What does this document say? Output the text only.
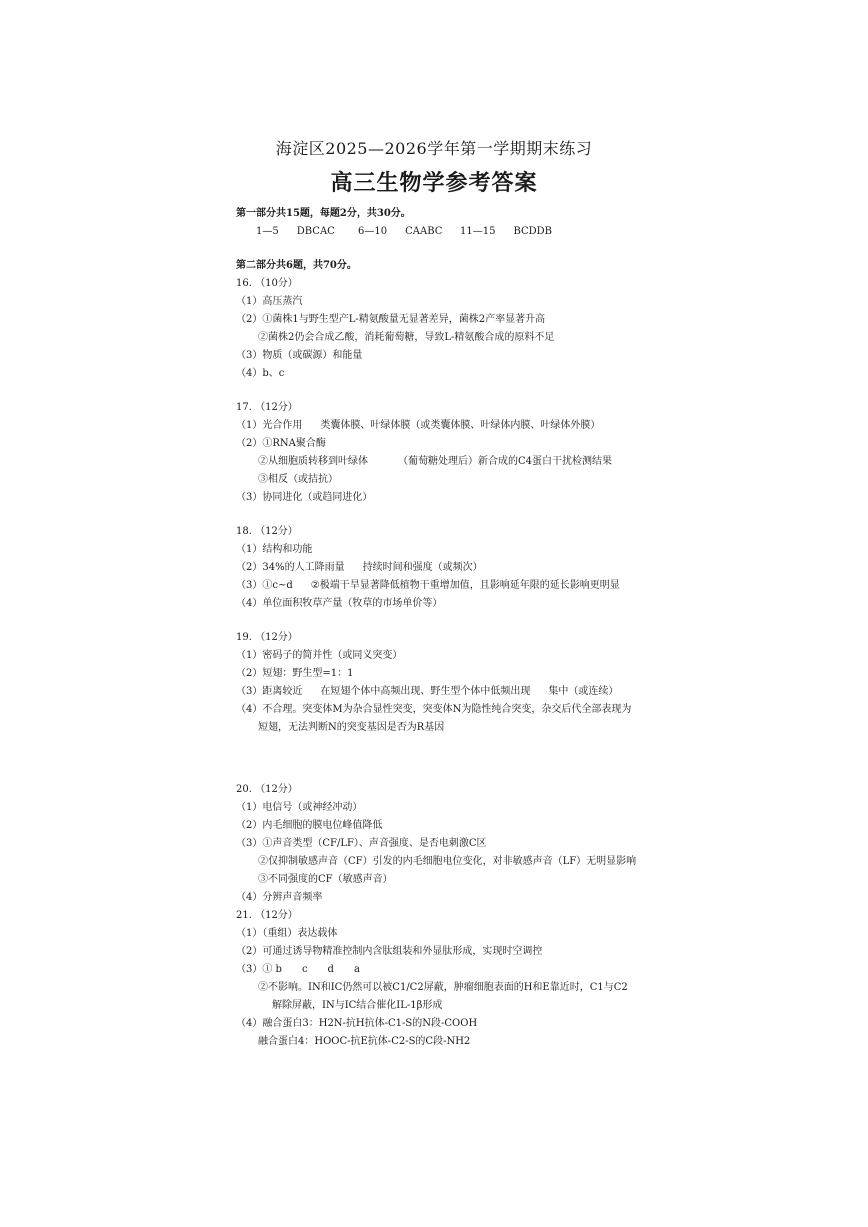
海淀区2025—2026学年第一学期期末练习
高三生物学参考答案
第一部分共15题，每题2分，共30分。
1—5 DBCAC	6—10 CAABC	11—15 BCDDB
第二部分共6题，共70分。
16. （10分）
（1）高压蒸汽
（2）①菌株1与野生型产L-精氨酸量无显著差异，菌株2产率显著升高
②菌株2仍会合成乙酸，消耗葡萄糖，导致L-精氨酸合成的原料不足
（3）物质（或碳源）和能量
（4）b、c
17. （12分）
（1）光合作用 类囊体膜、叶绿体膜（或类囊体膜、叶绿体内膜、叶绿体外膜）
（2）①RNA聚合酶
②从细胞质转移到叶绿体	（葡萄糖处理后）新合成的C4蛋白干扰检测结果
③相反（或拮抗）
（3）协同进化（或趋同进化）
18. （12分）
（1）结构和功能
（2）34%的人工降雨量 持续时间和强度（或频次）
（3）①c~d ②极端干旱显著降低植物干重增加值，且影响延年限的延长影响更明显
（4）单位面积牧草产量（牧草的市场单价等）
19. （12分）
（1）密码子的简并性（或同义突变）
（2）短翅：野生型=1：1
（3）距离较近 在短翅个体中高频出现、野生型个体中低频出现 集中（或连续）
（4）不合理。突变体M为杂合显性突变，突变体N为隐性纯合突变，杂交后代全部表现为
短翅，无法判断N的突变基因是否为R基因
20. （12分）
（1）电信号（或神经冲动）
（2）内毛细胞的膜电位峰值降低
（3）①声音类型（CF/LF）、声音强度、是否电刺激C区
②仅抑制敏感声音（CF）引发的内毛细胞电位变化，对非敏感声音（LF）无明显影响
③不同强度的CF（敏感声音）
（4）分辨声音频率
21. （12分）
（1）（重组）表达载体
（2）可通过诱导物精准控制内含肽组装和外显肽形成，实现时空调控
（3）① b　　c　　d　　a
②不影响。IN和IC仍然可以被C1/C2屏蔽，肿瘤细胞表面的H和E靠近时，C1与C2
解除屏蔽，IN与IC结合催化IL-1β形成
（4）融合蛋白3：H2N-抗H抗体-C1-S的N段-COOH
融合蛋白4：HOOC-抗E抗体-C2-S的C段-NH2
